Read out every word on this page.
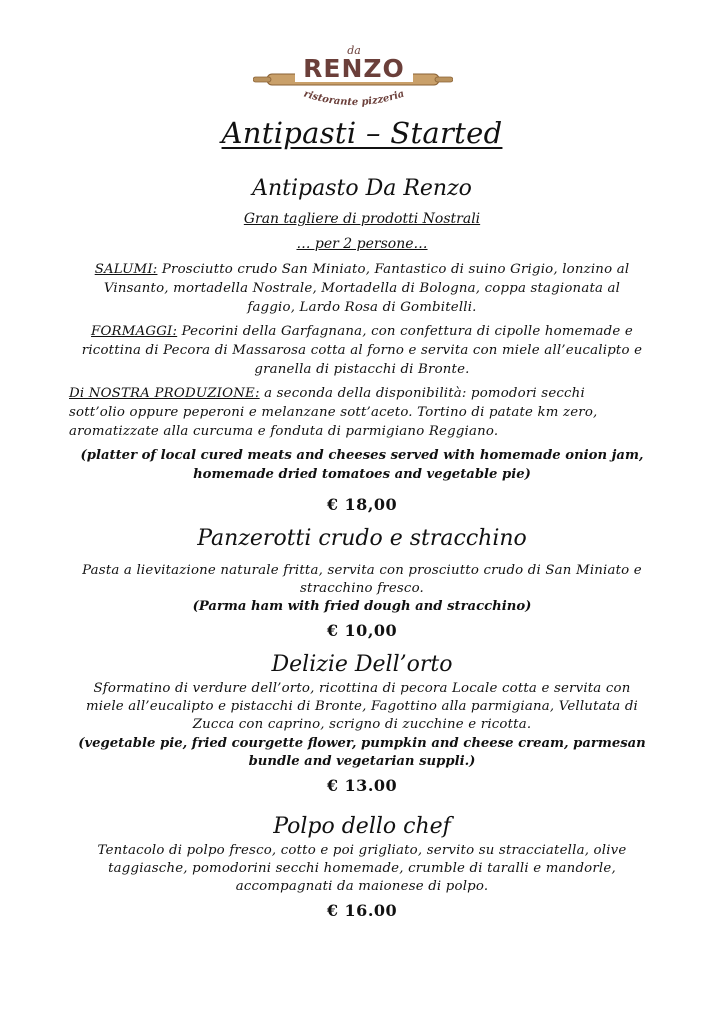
da
RENZO
ristorante pizzeria
Antipasti – Started
Antipasto Da Renzo
Gran tagliere di prodotti Nostrali
… per 2 persone…
SALUMI: Prosciutto crudo San Miniato, Fantastico di suino Grigio, lonzino al
Vinsanto, mortadella Nostrale, Mortadella di Bologna, coppa stagionata al
faggio, Lardo Rosa di Gombitelli.
FORMAGGI: Pecorini della Garfagnana, con confettura di cipolle homemade e
ricottina di Pecora di Massarosa cotta al forno e servita con miele all’eucalipto e
granella di pistacchi di Bronte.
Di NOSTRA PRODUZIONE: a seconda della disponibilità: pomodori secchi
sott’olio oppure peperoni e melanzane sott’aceto. Tortino di patate km zero,
aromatizzate alla curcuma e fonduta di parmigiano Reggiano.
(platter of local cured meats and cheeses served with homemade onion jam,
homemade dried tomatoes and vegetable pie)
€ 18,00
Panzerotti crudo e stracchino
Pasta a lievitazione naturale fritta, servita con prosciutto crudo di San Miniato e
stracchino fresco.
(Parma ham with fried dough and stracchino)
€ 10,00
Delizie Dell’orto
Sformatino di verdure dell’orto, ricottina di pecora Locale cotta e servita con
miele all’eucalipto e pistacchi di Bronte, Fagottino alla parmigiana, Vellutata di
Zucca con caprino, scrigno di zucchine e ricotta.
(vegetable pie, fried courgette flower, pumpkin and cheese cream, parmesan
bundle and vegetarian suppli.)
€ 13.00
Polpo dello chef
Tentacolo di polpo fresco, cotto e poi grigliato, servito su stracciatella, olive
taggiasche, pomodorini secchi homemade, crumble di taralli e mandorle,
accompagnati da maionese di polpo.
€ 16.00
